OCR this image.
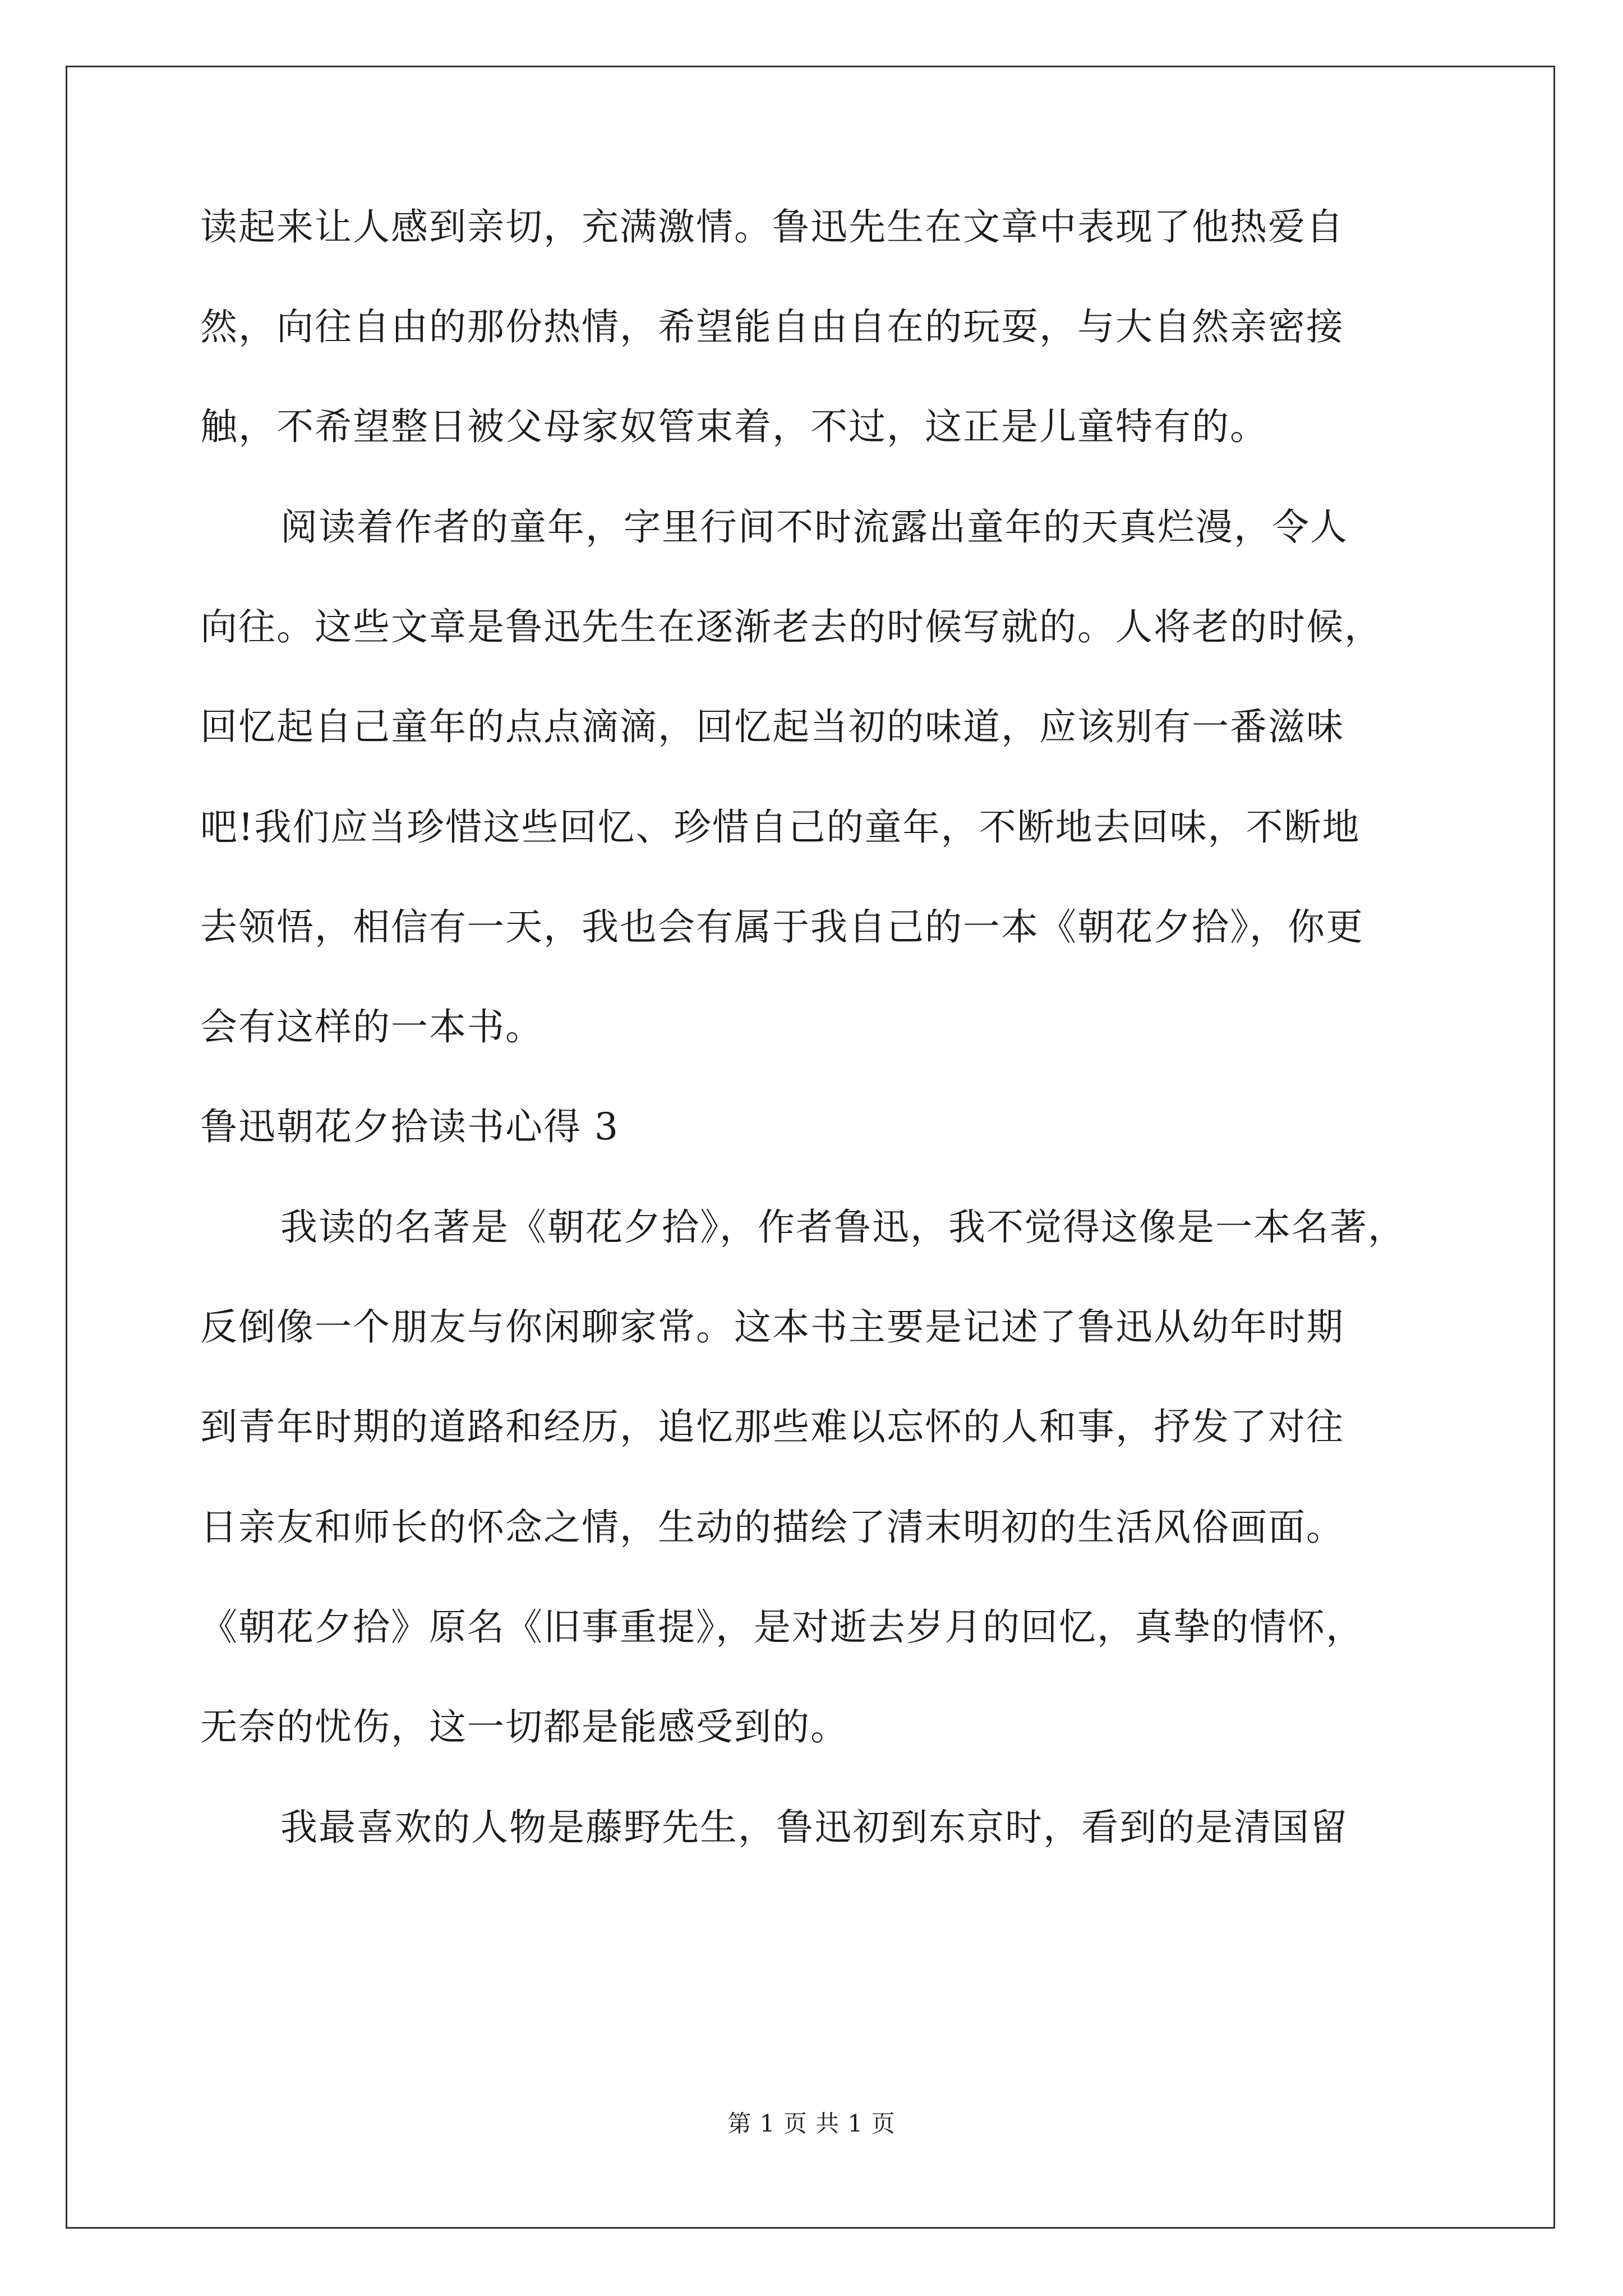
读起来让人感到亲切，充满激情。鲁迅先生在文章中表现了他热爱自
然，向往自由的那份热情，希望能自由自在的玩耍，与大自然亲密接
触，不希望整日被父母家奴管束着，不过，这正是儿童特有的。
阅读着作者的童年，字里行间不时流露出童年的天真烂漫，令人
向往。这些文章是鲁迅先生在逐渐老去的时候写就的。人将老的时候，
回忆起自己童年的点点滴滴，回忆起当初的味道，应该别有一番滋味
吧!我们应当珍惜这些回忆、珍惜自己的童年，不断地去回味，不断地
去领悟，相信有一天，我也会有属于我自己的一本《朝花夕拾》，你更
会有这样的一本书。
鲁迅朝花夕拾读书心得 3
我读的名著是《朝花夕拾》，作者鲁迅，我不觉得这像是一本名著，
反倒像一个朋友与你闲聊家常。这本书主要是记述了鲁迅从幼年时期
到青年时期的道路和经历，追忆那些难以忘怀的人和事，抒发了对往
日亲友和师长的怀念之情，生动的描绘了清末明初的生活风俗画面。
《朝花夕拾》原名《旧事重提》，是对逝去岁月的回忆，真挚的情怀，
无奈的忧伤，这一切都是能感受到的。
我最喜欢的人物是藤野先生，鲁迅初到东京时，看到的是清国留
第 1 页 共 1 页
